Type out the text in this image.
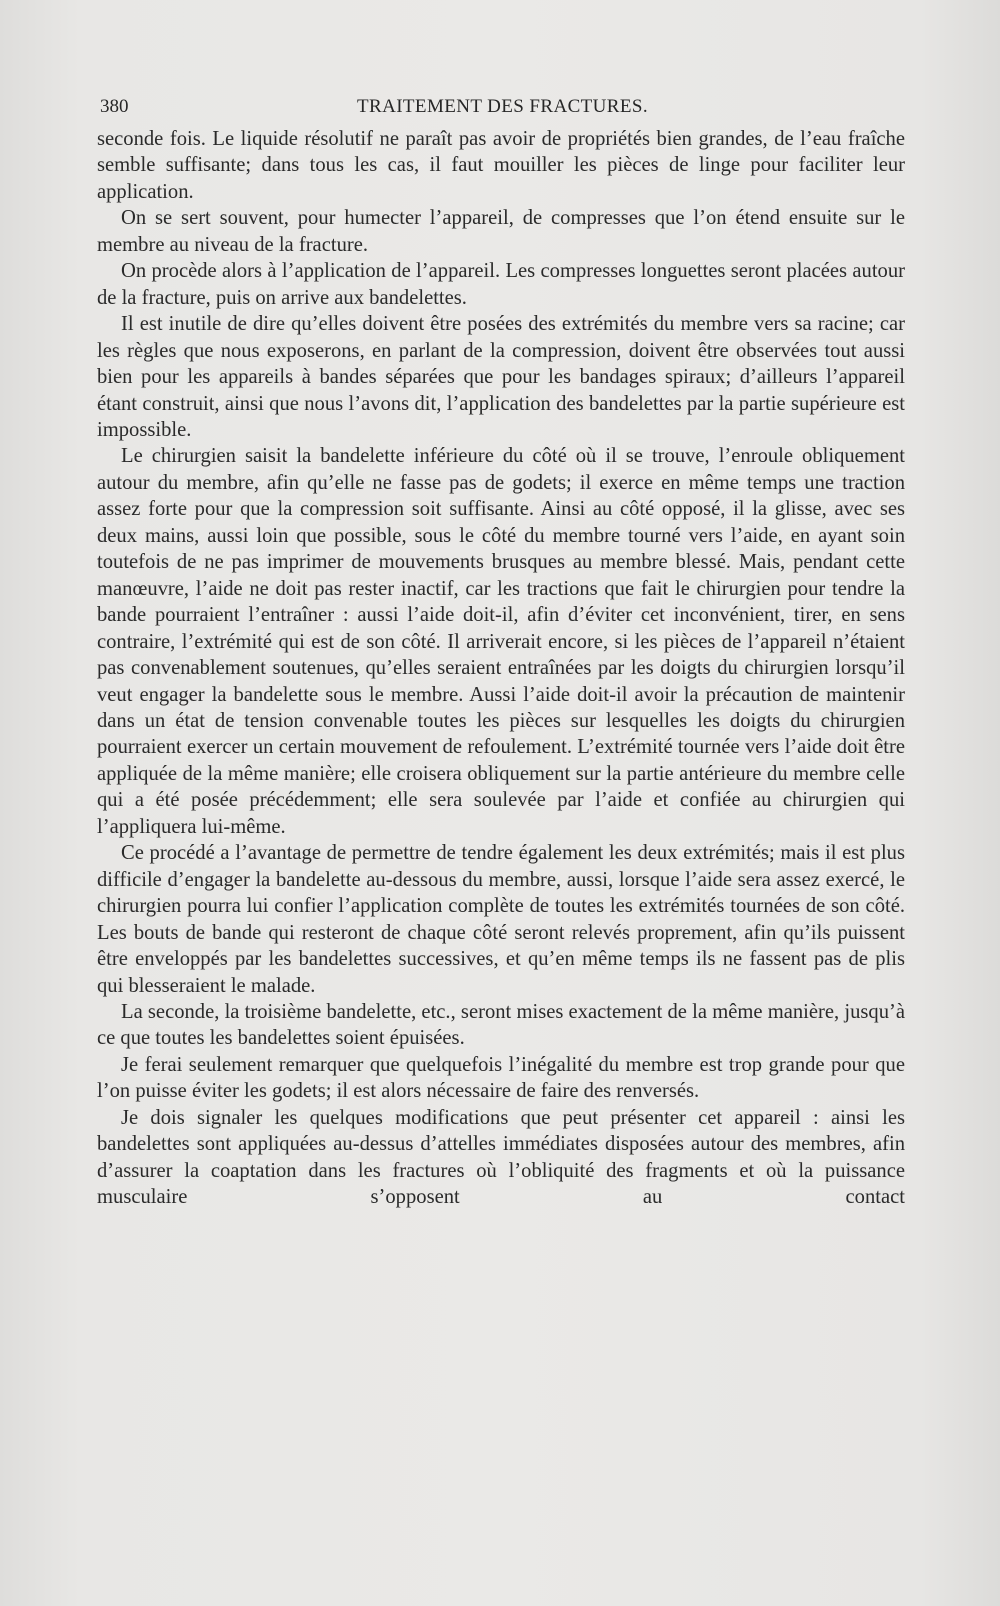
380	TRAITEMENT DES FRACTURES.

seconde fois. Le liquide résolutif ne paraît pas avoir de propriétés bien grandes, de l’eau fraîche semble suffisante; dans tous les cas, il faut mouiller les pièces de linge pour faciliter leur application.

On se sert souvent, pour humecter l’appareil, de compresses que l’on étend ensuite sur le membre au niveau de la fracture.

On procède alors à l’application de l’appareil. Les compresses longuettes seront placées autour de la fracture, puis on arrive aux bandelettes.

Il est inutile de dire qu’elles doivent être posées des extrémités du membre vers sa racine; car les règles que nous exposerons, en parlant de la compression, doivent être observées tout aussi bien pour les appareils à bandes séparées que pour les bandages spiraux; d’ailleurs l’appareil étant construit, ainsi que nous l’avons dit, l’application des bandelettes par la partie supérieure est impossible.

Le chirurgien saisit la bandelette inférieure du côté où il se trouve, l’enroule obliquement autour du membre, afin qu’elle ne fasse pas de godets; il exerce en même temps une traction assez forte pour que la compression soit suffisante. Ainsi au côté opposé, il la glisse, avec ses deux mains, aussi loin que possible, sous le côté du membre tourné vers l’aide, en ayant soin toutefois de ne pas imprimer de mouvements brusques au membre blessé. Mais, pendant cette manœuvre, l’aide ne doit pas rester inactif, car les tractions que fait le chirurgien pour tendre la bande pourraient l’entraîner : aussi l’aide doit-il, afin d’éviter cet inconvénient, tirer, en sens contraire, l’extrémité qui est de son côté. Il arriverait encore, si les pièces de l’appareil n’étaient pas convenablement soutenues, qu’elles seraient entraînées par les doigts du chirurgien lorsqu’il veut engager la bandelette sous le membre. Aussi l’aide doit-il avoir la précaution de maintenir dans un état de tension convenable toutes les pièces sur lesquelles les doigts du chirurgien pourraient exercer un certain mouvement de refoulement. L’extrémité tournée vers l’aide doit être appliquée de la même manière; elle croisera obliquement sur la partie antérieure du membre celle qui a été posée précédemment; elle sera soulevée par l’aide et confiée au chirurgien qui l’appliquera lui-même.

Ce procédé a l’avantage de permettre de tendre également les deux extrémités; mais il est plus difficile d’engager la bandelette au-dessous du membre, aussi, lorsque l’aide sera assez exercé, le chirurgien pourra lui confier l’application complète de toutes les extrémités tournées de son côté. Les bouts de bande qui resteront de chaque côté seront relevés proprement, afin qu’ils puissent être enveloppés par les bandelettes successives, et qu’en même temps ils ne fassent pas de plis qui blesseraient le malade.

La seconde, la troisième bandelette, etc., seront mises exactement de la même manière, jusqu’à ce que toutes les bandelettes soient épuisées.

Je ferai seulement remarquer que quelquefois l’inégalité du membre est trop grande pour que l’on puisse éviter les godets; il est alors nécessaire de faire des renversés.

Je dois signaler les quelques modifications que peut présenter cet appareil : ainsi les bandelettes sont appliquées au-dessus d’attelles immédiates disposées autour des membres, afin d’assurer la coaptation dans les fractures où l’obliquité des fragments et où la puissance musculaire s’opposent au contact
